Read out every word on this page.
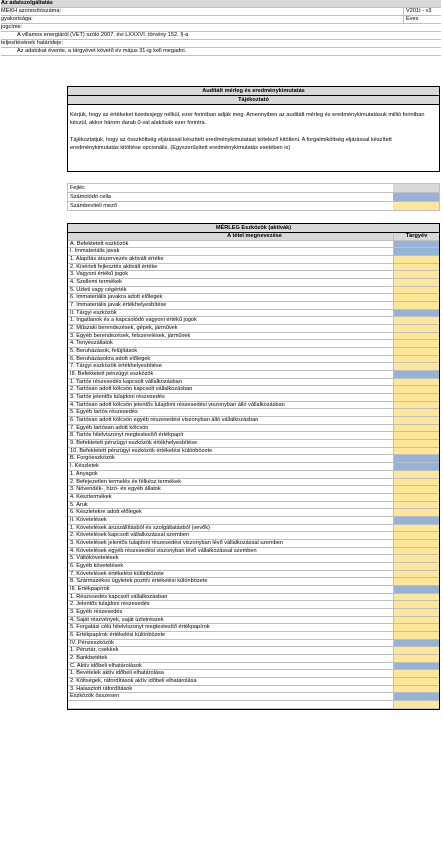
Az adatszolgáltatás
MEKH azonosítószáma:	V201t - v3
gyakorisága:	Éves
jogcíme:
A villamos energiáról (VET) szóló 2007. évi LXXXVI. törvény 152. §-a
teljesítésének határideje:
Az adatokat évente, a tárgyévet követő év május 31-ig kell megadni.
Auditált mérleg és eredménykimutatás
Tájékoztató

Kérjük, hogy az értékeket tizedesjegy nélkül, ezer forintban adják meg. Amennyiben az auditált mérleg és eredménykimutatásuk millió forintban készül, akkor három darab 0-val alakítsák ezer forintra.

Tájékoztatjuk, hogy az összköltség eljárással készített eredménykimutatást kötelező kitölteni. A forgalmiköltség eljárással készített eredménykimutatás kitöltése opcionális. (Egyszerűsített eredménykimutatás esetében is)

Fejléc
Számolódó cella
Számbeviteli mező
MÉRLEG Eszközök (aktívák)
A tétel megnevezése	Tárgyév
A. Befektetett eszközök
I. Immateriális javak
1. Alapítás átszervezés aktivált értéke
2. Kísérleti fejlesztés aktivált értéke
3. Vagyoni értékű jogok
4. Szellemi termékek
5. Üzleti vagy cégérték
6. Immateriális javakra adott előlegek
7. Immateriális javak értékhelyesbítése
II. Tárgyi eszközök
1. Ingatlanok és a kapcsolódó vagyoni értékű jogok
2. Műszaki berendezések, gépek, járművek
3. Egyéb berendezések, felszerelések, járművek
4. Tenyészállatok
5. Beruházások, felújítások
6. Beruházásokra adott előlegek
7. Tárgyi eszközök értékhelyesbítése
III. Befektetett pénzügyi eszközök
1. Tartós részesedés kapcsolt vállalkozásban
2. Tartósan adott kölcsön kapcsolt vállalkozásban
3. Tartós jelentős tulajdoni részesedés
4. Tartósan adott kölcsön jelentős tulajdoni részesedési viszonyban álló vállalkozásban
5. Egyéb tartós részesedés
6. Tartósan adott kölcsön egyéb részesedési viszonyban álló vállalkozásban
7. Egyéb tartósan adott kölcsön
8. Tartós hitelviszonyt megtestesítő értékpapír
9. Befektetett pénzügyi eszközök értékhelyesbítése
10. Befektetett pénzügyi eszközök értékelési különbözete
B. Forgóeszközök
I. Készletek
1. Anyagok
2. Befejezetlen termelés és félkész termékek
3. Növendék-, hízó- és egyéb állatok
4. Késztermékek
5. Áruk
6. Készletekre adott előlegek
II. Követelések
1. Követelések áruszállításból és szolgáltatásból (vevők)
2. Követelések kapcsolt vállalkozással szemben
3. Követelések jelentős tulajdoni részesedési viszonyban lévő vállalkozással szemben
4. Követelések egyéb részesedési viszonyban lévő vállalkozással szemben
5. Váltókövetelések
6. Egyéb követelések
7. Követelések értékelési különbözete
8. Származékos ügyletek pozitív értékelési különbözete
III. Értékpapírok
1. Részesedés kapcsolt vállalkozásban
2. Jelentős tulajdoni részesedés
3. Egyéb részesedés
4. Saját részvények, saját üzletrészek
5. Forgatási célú hitelviszonyt megtestesítő értékpapírok
6. Értékpapírok értékelési különbözete
IV. Pénzeszközök
1. Pénztár, csekkek
2. Bankbetétek
C. Aktív időbeli elhatárolások
1. Bevételek aktív időbeli elhatárolása
2. Költségek, ráfordítások aktív időbeli elhatárolása
3. Halasztott ráfordítások
Eszközök összesen
